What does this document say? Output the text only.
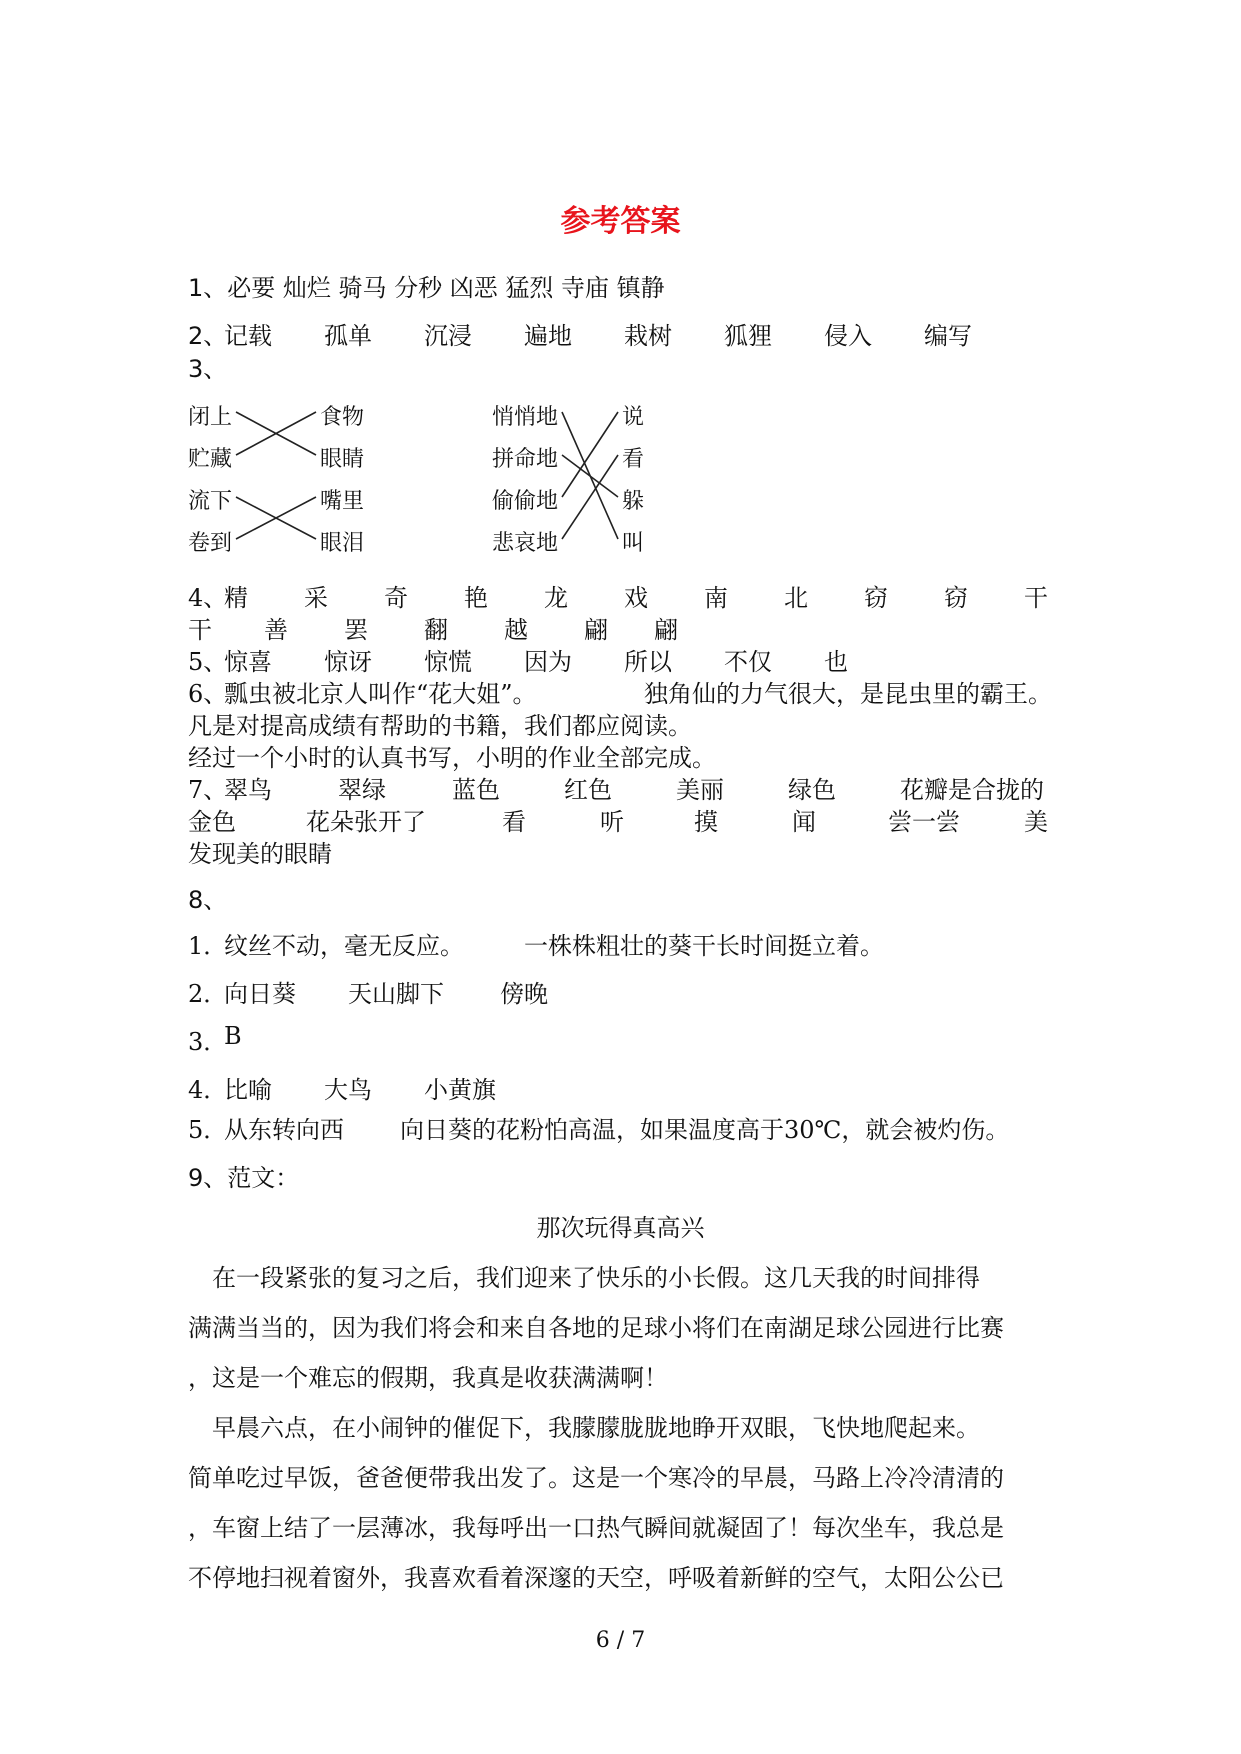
参考答案
1、必要 灿烂 骑马 分秒 凶恶 猛烈 寺庙 镇静
2、
记载 孤单 沉浸 遍地 栽树 狐狸 侵入 编写
3、
闭上
贮藏
流下
卷到
食物
眼睛
嘴里
眼泪
悄悄地
拼命地
偷偷地
悲哀地
说
看
躲
叫
4、
精 采 奇 艳 龙 戏 南 北 窃 窃 干
干 善 罢 翻 越 翩 翩
5、
惊喜 惊讶 惊慌 因为 所以 不仅 也
6、
瓢虫被北京人叫作“花大姐”。	独角仙的力气很大，是昆虫里的霸王。
凡是对提高成绩有帮助的书籍，我们都应阅读。
经过一个小时的认真书写，小明的作业全部完成。
7、
翠鸟	翠绿	蓝色	红色	美丽	绿色	花瓣是合拢的
金色	花朵张开了	看	听	摸	闻	尝一尝	美
发现美的眼睛
8、
1．
纹丝不动，毫无反应。	一株株粗壮的葵干长时间挺立着。
2．
向日葵 天山脚下 傍晚
3．
B
4．
比喻 大鸟 小黄旗
5．
从东转向西 向日葵的花粉怕高温，如果温度高于30℃，就会被灼伤。
9、范文：
那次玩得真高兴
　在一段紧张的复习之后，我们迎来了快乐的小长假。这几天我的时间排得
满满当当的，因为我们将会和来自各地的足球小将们在南湖足球公园进行比赛
，这是一个难忘的假期，我真是收获满满啊！
　早晨六点，在小闹钟的催促下，我朦朦胧胧地睁开双眼，飞快地爬起来。
简单吃过早饭，爸爸便带我出发了。这是一个寒冷的早晨，马路上冷冷清清的
，车窗上结了一层薄冰，我每呼出一口热气瞬间就凝固了！每次坐车，我总是
不停地扫视着窗外，我喜欢看着深邃的天空，呼吸着新鲜的空气，太阳公公已
6 / 7
